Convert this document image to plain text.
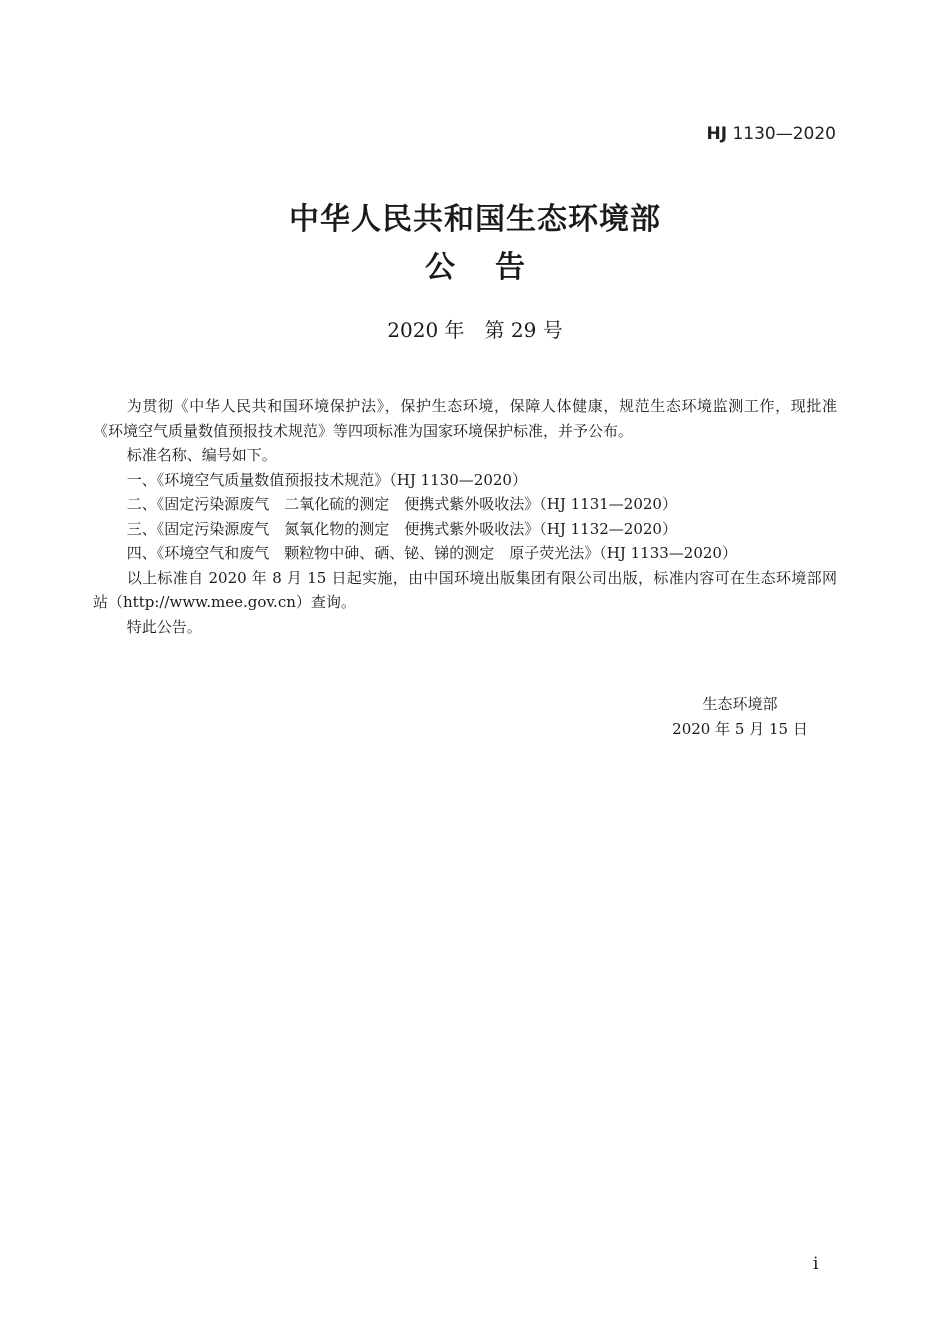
HJ 1130—2020
中华人民共和国生态环境部
公告
2020 年　第 29 号

为贯彻《中华人民共和国环境保护法》，保护生态环境，保障人体健康，规范生态环境监测工作，现批准《环境空气质量数值预报技术规范》等四项标准为国家环境保护标准，并予公布。

标准名称、编号如下。

一、《环境空气质量数值预报技术规范》（HJ 1130—2020）

二、《固定污染源废气　二氧化硫的测定　便携式紫外吸收法》（HJ 1131—2020）

三、《固定污染源废气　氮氧化物的测定　便携式紫外吸收法》（HJ 1132—2020）

四、《环境空气和废气　颗粒物中砷、硒、铋、锑的测定　原子荧光法》（HJ 1133—2020）

以上标准自 2020 年 8 月 15 日起实施，由中国环境出版集团有限公司出版，标准内容可在生态环境部网站（http://www.mee.gov.cn）查询。

特此公告。

生态环境部
2020 年 5 月 15 日
i
